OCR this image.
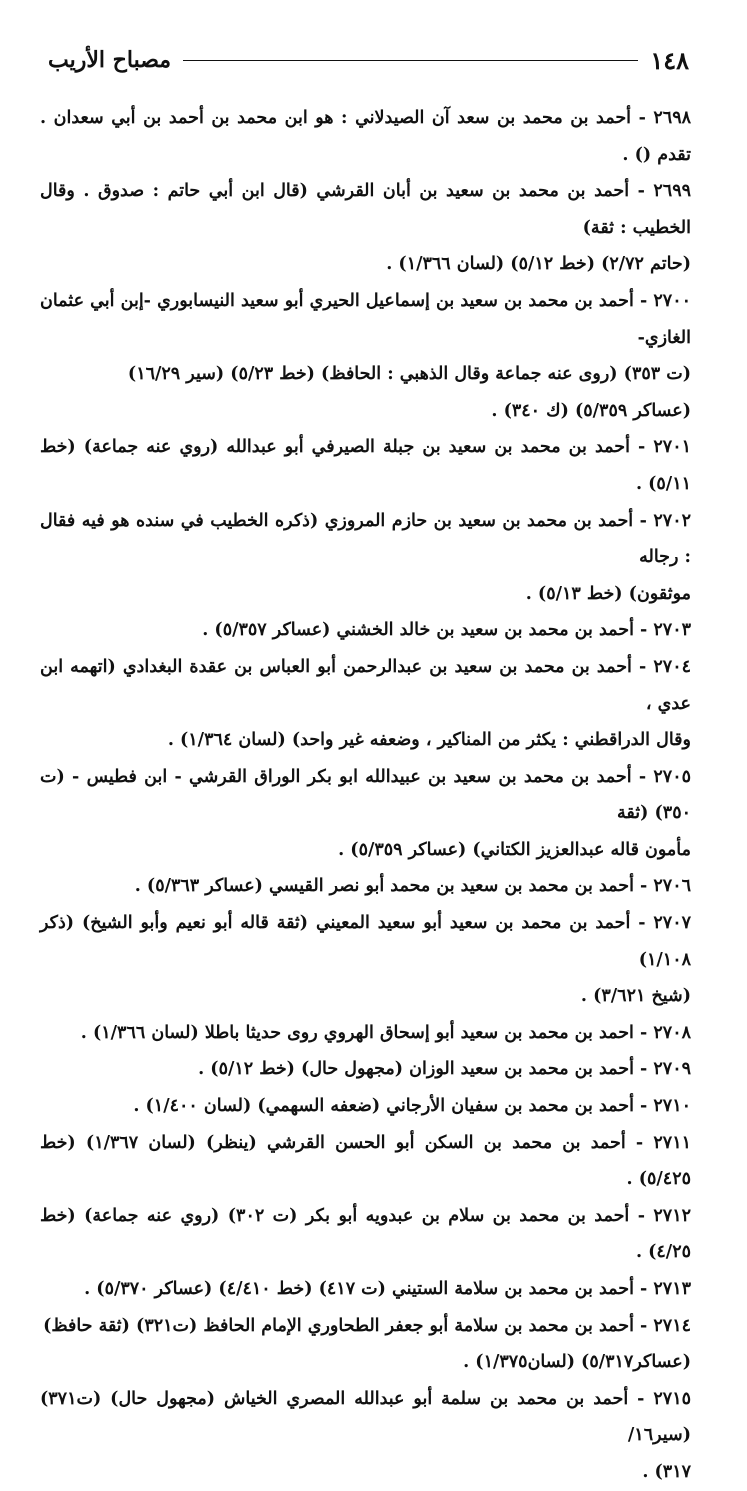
١٤٨
مصباح الأريب
٢٦٩٨ - أحمد بن محمد بن سعد آن الصيدلاني : هو ابن محمد بن أحمد بن أبي سعدان . تقدم () .
٢٦٩٩ - أحمد بن محمد بن سعيد بن أبان القرشي (قال ابن أبي حاتم : صدوق . وقال الخطيب : ثقة)
(حاتم ٢/٧٢) (خط ٥/١٢) (لسان ١/٣٦٦) .
٢٧٠٠ - أحمد بن محمد بن سعيد بن إسماعيل الحيري أبو سعيد النيسابوري -إبن أبي عثمان الغازي-
(ت ٣٥٣) (روى عنه جماعة وقال الذهبي : الحافظ) (خط ٥/٢٣) (سير ١٦/٢٩)
(عساكر ٥/٣٥٩) (ك ٣٤٠) .
٢٧٠١ - أحمد بن محمد بن سعيد بن جبلة الصيرفي أبو عبدالله (روي عنه جماعة) (خط ٥/١١) .
٢٧٠٢ - أحمد بن محمد بن سعيد بن حازم المروزي (ذكره الخطيب في سنده هو فيه فقال : رجاله
موثقون) (خط ٥/١٣) .
٢٧٠٣ - أحمد بن محمد بن سعيد بن خالد الخشني (عساكر ٥/٣٥٧) .
٢٧٠٤ - أحمد بن محمد بن سعيد بن عبدالرحمن أبو العباس بن عقدة البغدادي (اتهمه ابن عدي ،
وقال الدراقطني : يكثر من المناكير ، وضعفه غير واحد) (لسان ١/٣٦٤) .
٢٧٠٥ - أحمد بن محمد بن سعيد بن عبيدالله ابو بكر الوراق القرشي - ابن فطيس - (ت ٣٥٠) (ثقة
مأمون قاله عبدالعزيز الكتاني) (عساكر ٥/٣٥٩) .
٢٧٠٦ - أحمد بن محمد بن سعيد بن محمد أبو نصر القيسي (عساكر ٥/٣٦٣) .
٢٧٠٧ - أحمد بن محمد بن سعيد أبو سعيد المعيني (ثقة قاله أبو نعيم وأبو الشيخ) (ذكر ١/١٠٨)
(شيخ ٣/٦٢١) .
٢٧٠٨ - احمد بن محمد بن سعيد أبو إسحاق الهروي روى حديثا باطلا (لسان ١/٣٦٦) .
٢٧٠٩ - أحمد بن محمد بن سعيد الوزان (مجهول حال) (خط ٥/١٢) .
٢٧١٠ - أحمد بن محمد بن سفيان الأرجاني (ضعفه السهمي) (لسان ١/٤٠٠) .
٢٧١١ - أحمد بن محمد بن السكن أبو الحسن القرشي (ينظر) (لسان ١/٣٦٧) (خط ٥/٤٢٥) .
٢٧١٢ - أحمد بن محمد بن سلام بن عبدويه أبو بكر (ت ٣٠٢) (روي عنه جماعة) (خط ٤/٢٥) .
٢٧١٣ - أحمد بن محمد بن سلامة الستيني (ت ٤١٧) (خط ٤/٤١٠) (عساكر ٥/٣٧٠) .
٢٧١٤ - أحمد بن محمد بن سلامة أبو جعفر الطحاوري الإمام الحافظ (ت٣٢١) (ثقة حافظ)
(عساكر٥/٣١٧) (لسان١/٣٧٥) .
٢٧١٥ - أحمد بن محمد بن سلمة أبو عبدالله المصري الخياش (مجهول حال) (ت٣٧١) (سير١٦/
٣١٧) .
